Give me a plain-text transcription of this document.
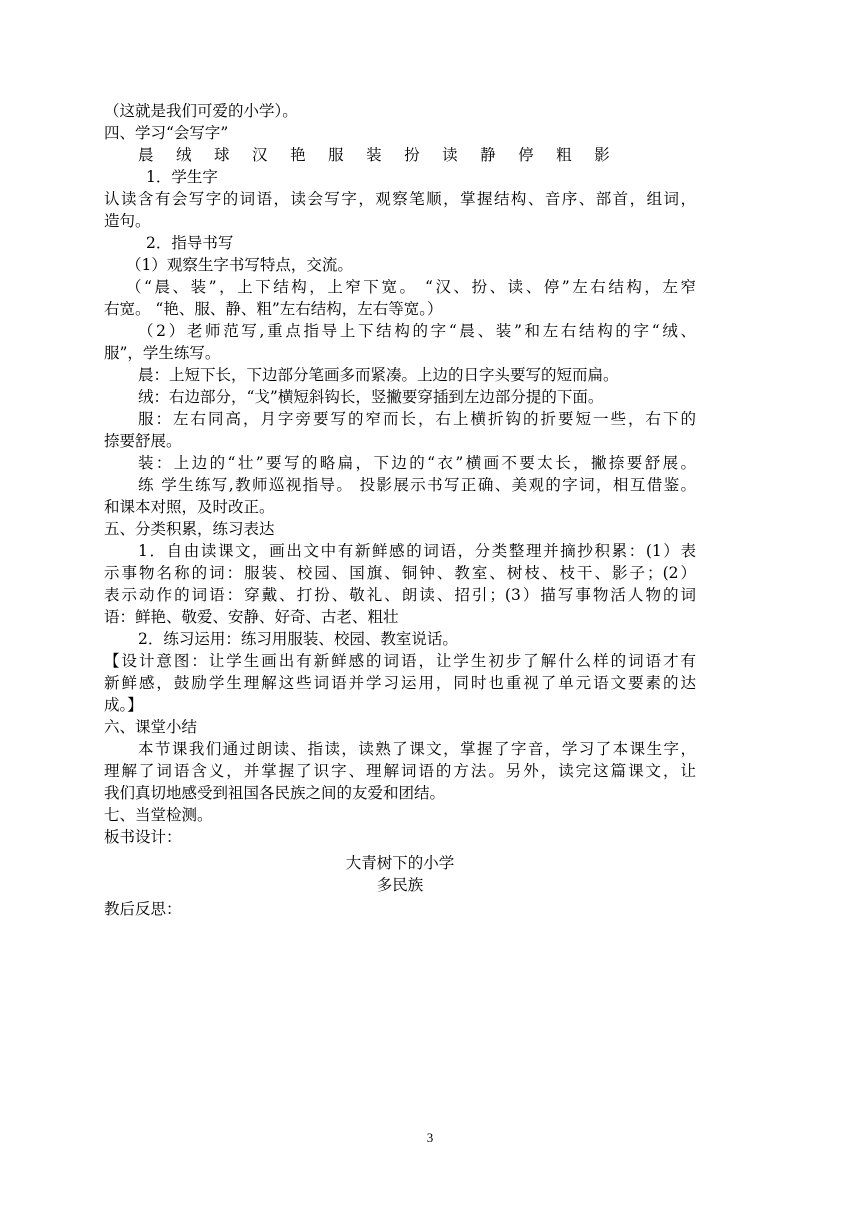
（这就是我们可爱的小学）。
四、学习“会写字”
晨 绒 球 汉 艳 服 装 扮 读 静 停 粗 影
1．学生字
认读含有会写字的词语，读会写字，观察笔顺，掌握结构、音序、部首，组词，
造句。
2．指导书写
（1）观察生字书写特点，交流。
（“晨、装”，上下结构，上窄下宽。 “汉、扮、读、停”左右结构，左窄
右宽。 “艳、服、静、粗”左右结构，左右等宽。）
（2）老师范写,重点指导上下结构的字“晨、装”和左右结构的字“绒、
服”，学生练写。
晨：上短下长，下边部分笔画多而紧凑。上边的日字头要写的短而扁。
绒：右边部分，“戈”横短斜钩长，竖撇要穿插到左边部分提的下面。
服：左右同高，月字旁要写的窄而长，右上横折钩的折要短一些，右下的
捺要舒展。
装：上边的“壮”要写的略扁，下边的“衣”横画不要太长，撇捺要舒展。
练 学生练写,教师巡视指导。 投影展示书写正确、美观的字词，相互借鉴。
和课本对照，及时改正。
五、分类积累，练习表达
1．自由读课文，画出文中有新鲜感的词语，分类整理并摘抄积累：(1）表
示事物名称的词：服装、校园、国旗、铜钟、教室、树枝、枝干、影子；(2）
表示动作的词语：穿戴、打扮、敬礼、朗读、招引；(3）描写事物活人物的词
语：鲜艳、敬爱、安静、好奇、古老、粗壮
2．练习运用：练习用服装、校园、教室说话。
【设计意图：让学生画出有新鲜感的词语，让学生初步了解什么样的词语才有
新鲜感，鼓励学生理解这些词语并学习运用，同时也重视了单元语文要素的达
成。】
六、课堂小结
本节课我们通过朗读、指读，读熟了课文，掌握了字音，学习了本课生字，
理解了词语含义，并掌握了识字、理解词语的方法。另外，读完这篇课文，让
我们真切地感受到祖国各民族之间的友爱和团结。
七、当堂检测。
板书设计：
大青树下的小学
多民族
教后反思：
3
